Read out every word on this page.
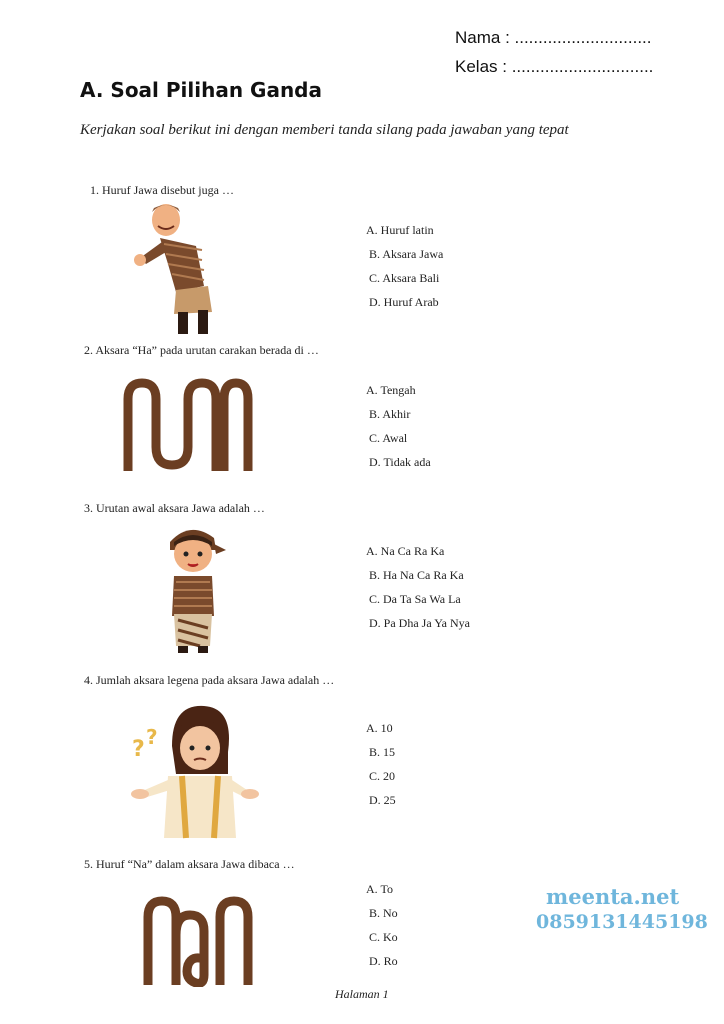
Nama : .............................
Kelas : ..............................
A. Soal Pilihan Ganda
Kerjakan soal berikut ini dengan memberi tanda silang pada jawaban yang tepat
1. Huruf Jawa disebut juga …
A. Huruf latin
B. Aksara Jawa
C. Aksara Bali
D. Huruf Arab
2. Aksara “Ha” pada urutan carakan berada di …
A. Tengah
B. Akhir
C. Awal
D. Tidak ada
3. Urutan awal aksara Jawa adalah …
A. Na Ca Ra Ka
B. Ha Na Ca Ra Ka
C. Da Ta Sa Wa La
D. Pa Dha Ja Ya Nya
4. Jumlah aksara legena pada aksara Jawa adalah …
A. 10
B. 15
C. 20
D. 25
? ?
5. Huruf “Na” dalam aksara Jawa dibaca …
A. To
B. No
C. Ko
D. Ro
meenta.net
0859131445198
Halaman 1
